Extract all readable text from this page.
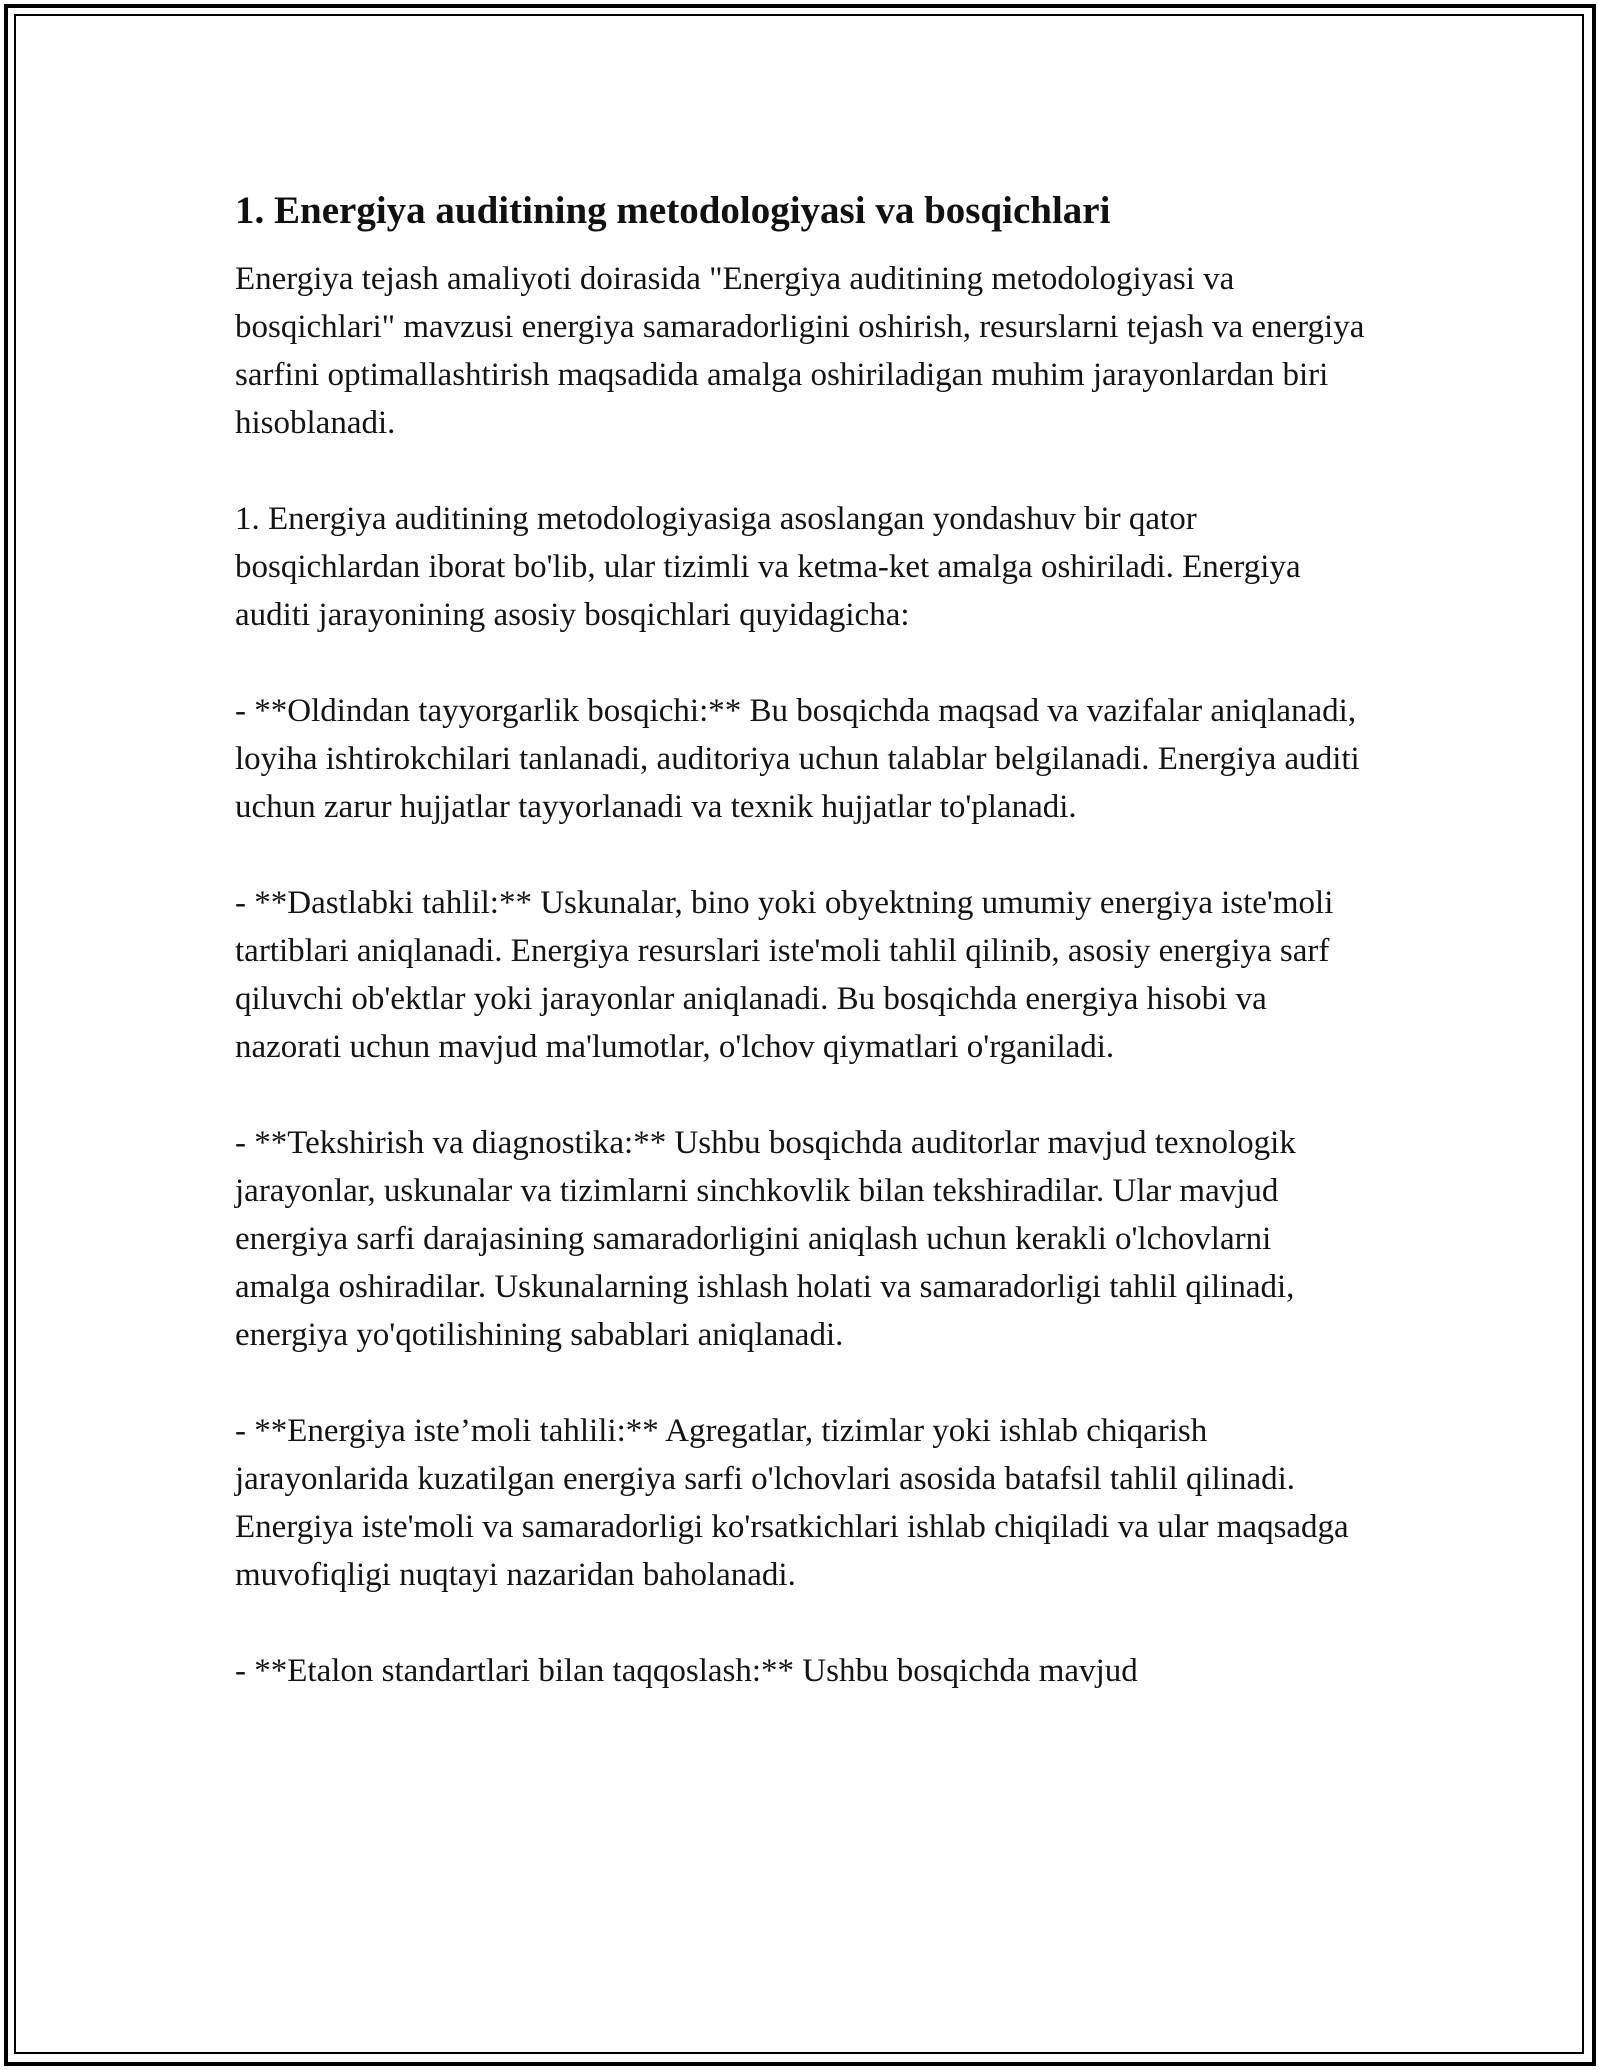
1. Energiya auditining metodologiyasi va bosqichlari

Energiya tejash amaliyoti doirasida "Energiya auditining metodologiyasi va bosqichlari" mavzusi energiya samaradorligini oshirish, resurslarni tejash va energiya sarfini optimallashtirish maqsadida amalga oshiriladigan muhim jarayonlardan biri hisoblanadi.

1. Energiya auditining metodologiyasiga asoslangan yondashuv bir qator bosqichlardan iborat bo'lib, ular tizimli va ketma-ket amalga oshiriladi. Energiya auditi jarayonining asosiy bosqichlari quyidagicha:

- **Oldindan tayyorgarlik bosqichi:** Bu bosqichda maqsad va vazifalar aniqlanadi, loyiha ishtirokchilari tanlanadi, auditoriya uchun talablar belgilanadi. Energiya auditi uchun zarur hujjatlar tayyorlanadi va texnik hujjatlar to'planadi.

- **Dastlabki tahlil:** Uskunalar, bino yoki obyektning umumiy energiya iste'moli tartiblari aniqlanadi. Energiya resurslari iste'moli tahlil qilinib, asosiy energiya sarf qiluvchi ob'ektlar yoki jarayonlar aniqlanadi. Bu bosqichda energiya hisobi va nazorati uchun mavjud ma'lumotlar, o'lchov qiymatlari o'rganiladi.

- **Tekshirish va diagnostika:** Ushbu bosqichda auditorlar mavjud texnologik jarayonlar, uskunalar va tizimlarni sinchkovlik bilan tekshiradilar. Ular mavjud energiya sarfi darajasining samaradorligini aniqlash uchun kerakli o'lchovlarni amalga oshiradilar. Uskunalarning ishlash holati va samaradorligi tahlil qilinadi, energiya yo'qotilishining sabablari aniqlanadi.

- **Energiya iste’moli tahlili:** Agregatlar, tizimlar yoki ishlab chiqarish jarayonlarida kuzatilgan energiya sarfi o'lchovlari asosida batafsil tahlil qilinadi. Energiya iste'moli va samaradorligi ko'rsatkichlari ishlab chiqiladi va ular maqsadga muvofiqligi nuqtayi nazaridan baholanadi.

- **Etalon standartlari bilan taqqoslash:** Ushbu bosqichda mavjud
